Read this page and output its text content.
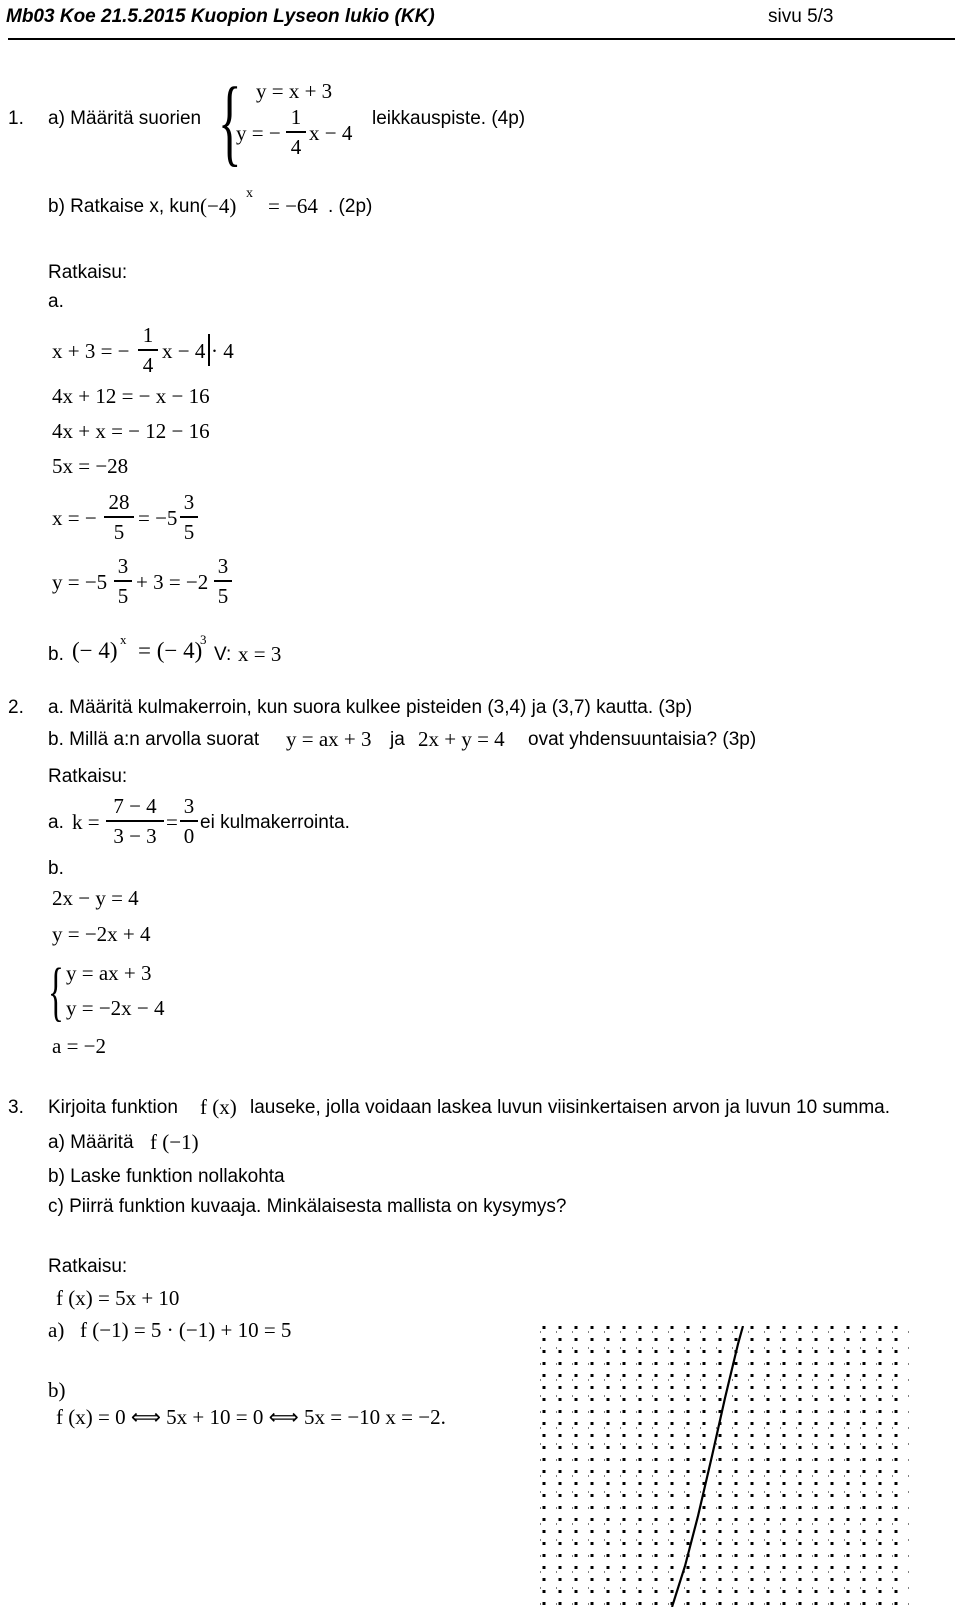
Mb03 Koe 21.5.2015 Kuopion Lyseon lukio (KK)	sivu 5/3
1. a) Määritä suorien { y = x + 3
y = −
1
4
x − 4
leikkauspiste. (4p)
b) Ratkaise x, kun (−4)
x
= −64 . (2p)
Ratkaisu:
a.
x + 3 = −
1
4
x − 4 · 4
4x + 12 = − x − 16
4x + x = − 12 − 16
5x = −28
x = −
28
5
= −5
3
5
y = −5
3
5
+ 3 = −2
3
5
b. (− 4) x = (− 4)
3
V: x = 3
2. a. Määritä kulmakerroin, kun suora kulkee pisteiden (3,4) ja (3,7) kautta. (3p)
b. Millä a:n arvolla suorat y = ax + 3 ja 2x + y = 4 ovat yhdensuuntaisia? (3p)
Ratkaisu:
a. k =
7 − 4
3 − 3
=
3
0
ei kulmakerrointa.
b.
2x − y = 4
y = −2x + 4
{ y = ax + 3
y = −2x − 4
a = −2
3. Kirjoita funktion f (x) lauseke, jolla voidaan laskea luvun viisinkertaisen arvon ja luvun 10 summa.
a) Määritä f (−1)
b) Laske funktion nollakohta
c) Piirrä funktion kuvaaja. Minkälaisesta mallista on kysymys?
Ratkaisu:
f (x) = 5x + 10
a) f (−1) = 5 · (−1) + 10 = 5
b)
f (x) = 0 ⟺ 5x + 10 = 0 ⟺ 5x = −10 x = −2.
